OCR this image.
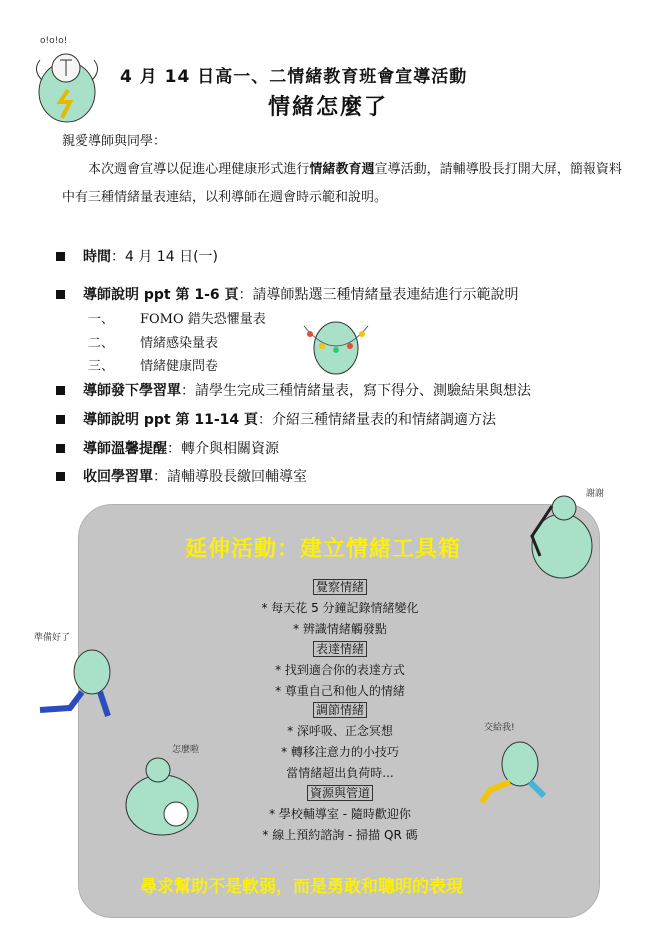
o!o!o!
4 月 14 日高一、二情緒教育班會宣導活動
情緒怎麼了
親愛導師與同學：
本次週會宣導以促進心理健康形式進行情緒教育週宣導活動，請輔導股長打開大屏，簡報資料中有三種情緒量表連結，以利導師在週會時示範和說明。
時間 ： 4 月 14 日(一)
導師說明 ppt 第 1-6 頁 ： 請導師點選三種情緒量表連結進行示範說明
一、 FOMO 錯失恐懼量表
二、 情緒感染量表
三、 情緒健康問卷
導師發下學習單 ： 請學生完成三種情緒量表，寫下得分、測驗結果與想法
導師說明 ppt 第 11-14 頁 ： 介紹三種情緒量表的和情緒調適方法
導師溫馨提醒 ： 轉介與相關資源
收回學習單 ： 請輔導股長繳回輔導室
延伸活動：建立情緒工具箱
覺察情緒
* 每天花 5 分鐘記錄情緒變化
* 辨識情緒觸發點
表達情緒
* 找到適合你的表達方式
* 尊重自己和他人的情緒
調節情緒
* 深呼吸、正念冥想
* 轉移注意力的小技巧
當情緒超出負荷時...
資源與管道
* 學校輔導室 - 隨時歡迎你
* 線上預約諮詢 - 掃描 QR 碼
尋求幫助不是軟弱，而是勇敢和聰明的表現
謝謝
準備好了
怎麼啦
交給我!
